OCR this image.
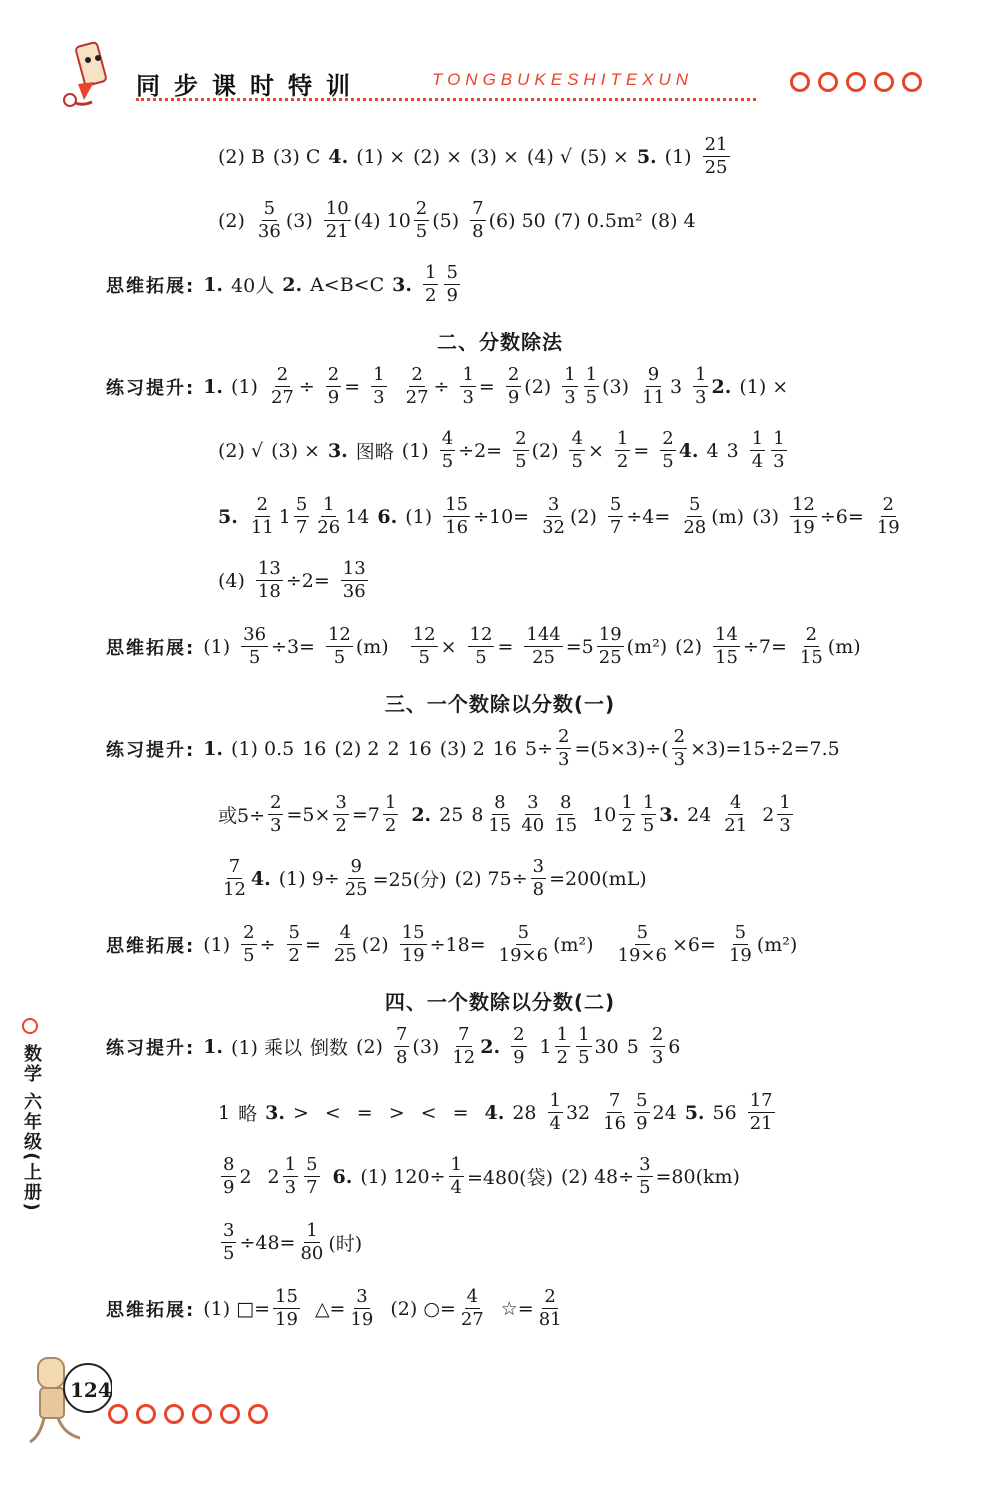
同步课时特训	TONGBUKESHITEXUN
(2) B (3) C 4. (1) × (2) × (3) × (4) √ (5) × 5. $(1) \frac{21}{25}$
$(2) \frac{5}{36} (3) \frac{10}{21} (4)$ $10 \frac{2}{5} (5) \frac{7}{8} (6)$ 50 (7) 0.5m² (8) 4
思维拓展: 1. 40人 2. A<B<C 3. $\frac{1}{2} \frac{5}{9}$
二、分数除法
练习提升: 1. $(1) \frac{2}{27} \div \frac{2}{9} = \frac{1}{3} \frac{2}{27} \div \frac{1}{3} = \frac{2}{9} (2) \frac{1}{3} \frac{1}{5} (3) \frac{9}{11} 3 \frac{1}{3} 2$. (1) ×
(2) √ (3) × 3. 图略 $(1) \frac{4}{5} \div 2= \frac{2}{5} (2) \frac{4}{5} \times \frac{1}{2} = \frac{2}{5} 4$. 4 $3 \frac{1}{4} \frac{1}{3}$
5. $\frac{2}{11} 1 \frac{5}{7} \frac{1}{26} 14$ 6. $(1) \frac{15}{16} \div 10= \frac{3}{32} (2) \frac{5}{7} \div 4= \frac{5}{28} (m)$ $(3) \frac{12}{19} \div 6= \frac{2}{19}$
$(4) \frac{13}{18} \div 2= \frac{13}{36}$
思维拓展: $(1) \frac{36}{5} \div 3= \frac{12}{5} (m) \frac{12}{5} \times \frac{12}{5} = \frac{144}{25} =5 \frac{19}{25} (m^2)$ $(2) \frac{14}{15} \div 7= \frac{2}{15} (m)$
三、一个数除以分数(一)
练习提升: 1. (1) 0.5 16 (2) 2 2 16 (3) 2 16 $5\div \frac{2}{3} =(5\times 3)\div( \frac{2}{3} \times 3)=15\div 2=7.5$
或$5\div \frac{2}{3} =5\times \frac{3}{2} =7 \frac{1}{2} 2$. 25 $8 \frac{8}{15} \frac{3}{40} \frac{8}{15} 10 \frac{1}{2} \frac{1}{5} 3$. $24 \frac{4}{21} 2 \frac{1}{3}$
$\frac{7}{12} 4$. (1) $9\div \frac{9}{25} =25$(分) (2) $75\div \frac{3}{8} =200(mL)$
思维拓展: $(1) \frac{2}{5} \div \frac{5}{2} = \frac{4}{25} (2) \frac{15}{19} \div 18= \frac{5}{19\times 6} (m^2) \frac{5}{19\times 6} \times 6= \frac{5}{19} (m^2)$
四、一个数除以分数(二)
练习提升: 1. (1) 乘以 倒数 $(2) \frac{7}{8} (3) \frac{7}{12} 2$. $\frac{2}{9} 1 \frac{1}{2} \frac{1}{5} 30$ $5 \frac{2}{3} 6$
1 略 3. > < = > < = 4. $28 \frac{1}{4} 32 \frac{7}{16} \frac{5}{9} 24$ 5. $56 \frac{17}{21}$
$\frac{8}{9} 2$ $2 \frac{1}{3} \frac{5}{7} 6$. (1) $120\div \frac{1}{4} =480$(袋) (2) $48\div \frac{3}{5} =80(km)$
$\frac{3}{5} \div 48= \frac{1}{80}$ (时)
思维拓展: (1) □= $\frac{15}{19}$ △= $\frac{3}{19} (2)$ ○= $\frac{4}{27}$ ☆= $\frac{2}{81}$
数学 六年级(上册)
124
